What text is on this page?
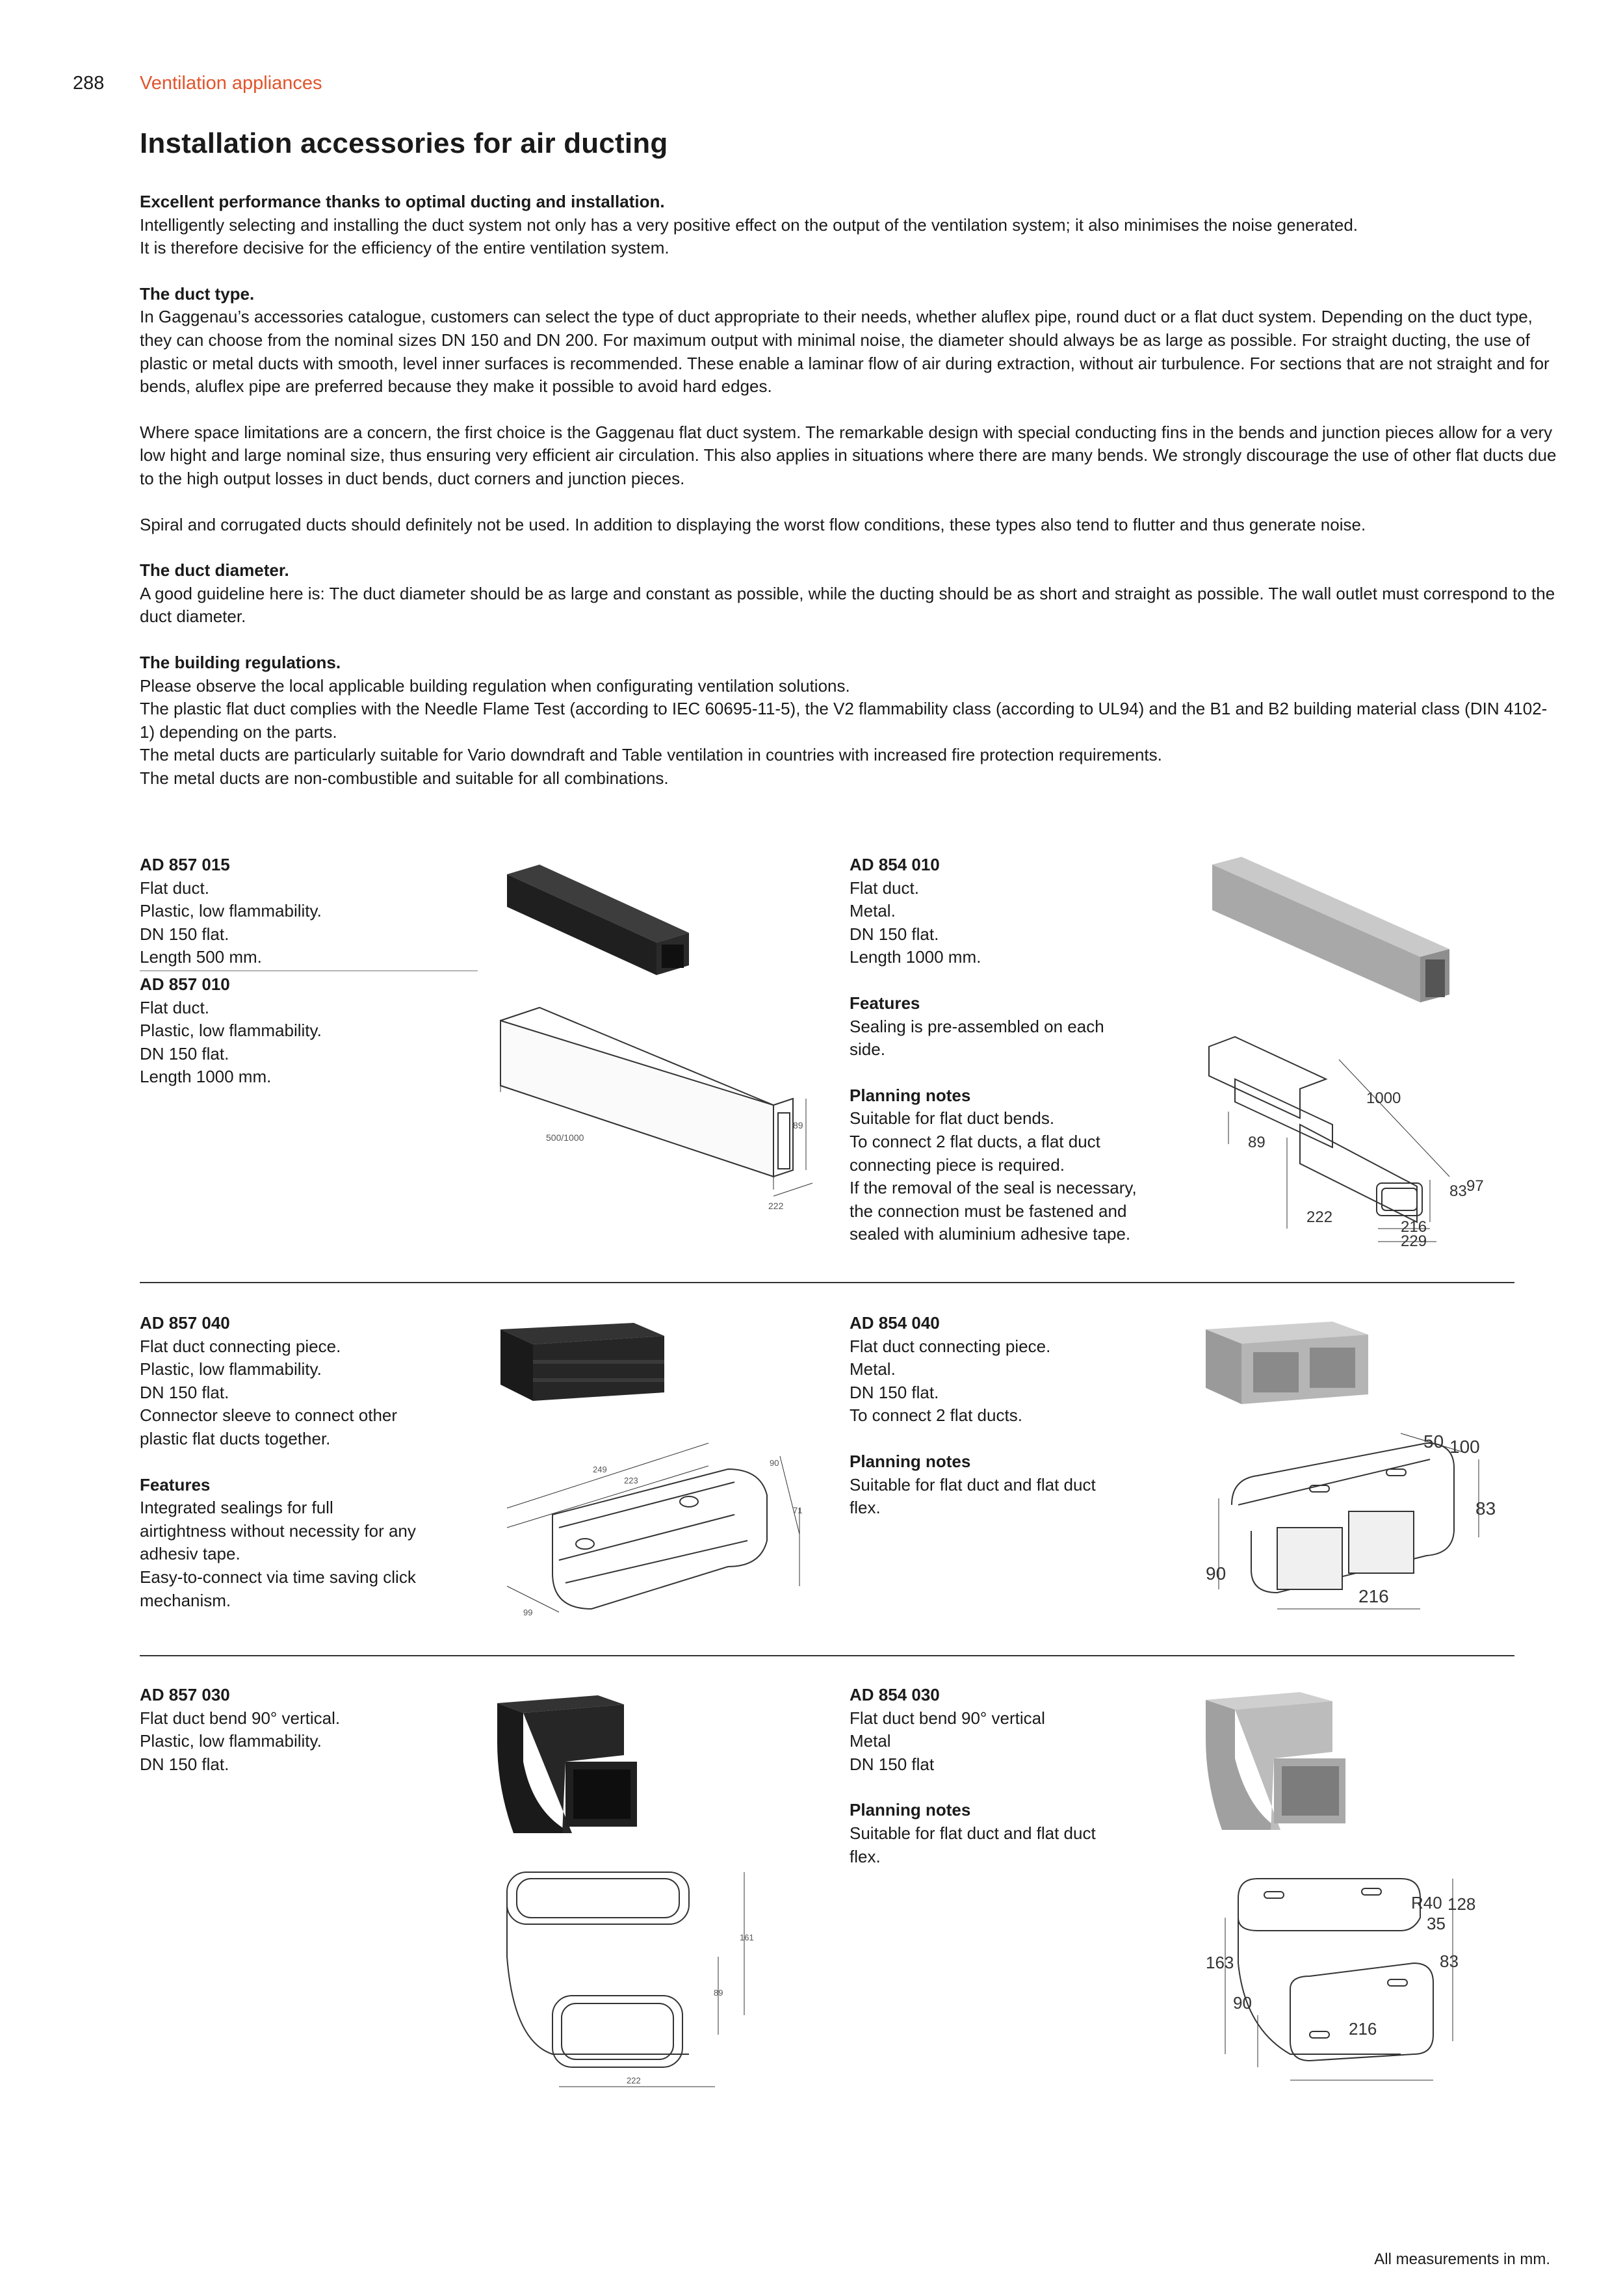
288 Ventilation appliances
Installation accessories for air ducting
Excellent performance thanks to optimal ducting and installation.
Intelligently selecting and installing the duct system not only has a very positive effect on the output of the ventilation system; it also minimises the noise generated.
It is therefore decisive for the efficiency of the entire ventilation system.
The duct type.
In Gaggenau’s accessories catalogue, customers can select the type of duct appropriate to their needs, whether aluflex pipe, round duct or a flat duct system. Depending on the duct type, they can choose from the nominal sizes DN 150 and DN 200. For maximum output with minimal noise, the diameter should always be as large as possible. For straight ducting, the use of plastic or metal ducts with smooth, level inner surfaces is recommended. These enable a laminar flow of air during extraction, without air turbulence. For sections that are not straight and for bends, aluflex pipe are preferred because they make it possible to avoid hard edges.
Where space limitations are a concern, the first choice is the Gaggenau flat duct system. The remarkable design with special conducting fins in the bends and junction pieces allow for a very low hight and large nominal size, thus ensuring very efficient air circulation. This also applies in situations where there are many bends. We strongly discourage the use of other flat ducts due to the high output losses in duct bends, duct corners and junction pieces.
Spiral and corrugated ducts should definitely not be used. In addition to displaying the worst flow conditions, these types also tend to flutter and thus generate noise.
The duct diameter.
A good guideline here is: The duct diameter should be as large and constant as possible, while the ducting should be as short and straight as possible. The wall outlet must correspond to the duct diameter.
The building regulations.
Please observe the local applicable building regulation when configurating ventilation solutions.
The plastic flat duct complies with the Needle Flame Test (according to IEC 60695-11-5), the V2 flammability class (according to UL94) and the B1 and B2 building material class (DIN 4102-1) depending on the parts.
The metal ducts are particularly suitable for Vario downdraft and Table ventilation in countries with increased fire protection requirements.
The metal ducts are non-combustible and suitable for all combinations.
AD 857 015
Flat duct.
Plastic, low flammability.
DN 150 flat.
Length 500 mm.
AD 857 010
Flat duct.
Plastic, low flammability.
DN 150 flat.
Length 1000 mm.
500/1000
222
89
AD 854 010
Flat duct.
Metal.
DN 150 flat.
Length 1000 mm.
Features
Sealing is pre-assembled on each
side.
Planning notes
Suitable for flat duct bends.
To connect 2 flat ducts, a flat duct
connecting piece is required.
If the removal of the seal is necessary,
the connection must be fastened and
sealed with aluminium adhesive tape.
1000
89
222
83 97
216
229
AD 857 040
Flat duct connecting piece.
Plastic, low flammability.
DN 150 flat.
Connector sleeve to connect other
plastic flat ducts together.
Features
Integrated sealings for full
airtightness without necessity for any
adhesiv tape.
Easy-to-connect via time saving click
mechanism.
249
223
90
71
99
AD 854 040
Flat duct connecting piece.
Metal.
DN 150 flat.
To connect 2 flat ducts.
Planning notes
Suitable for flat duct and flat duct
flex.
50 100
83
90
216
AD 857 030
Flat duct bend 90° vertical.
Plastic, low flammability.
DN 150 flat.
161
89
222
AD 854 030
Flat duct bend 90° vertical
Metal
DN 150 flat
Planning notes
Suitable for flat duct and flat duct
flex.
R40 128
35
163	83
90
216
All measurements in mm.
